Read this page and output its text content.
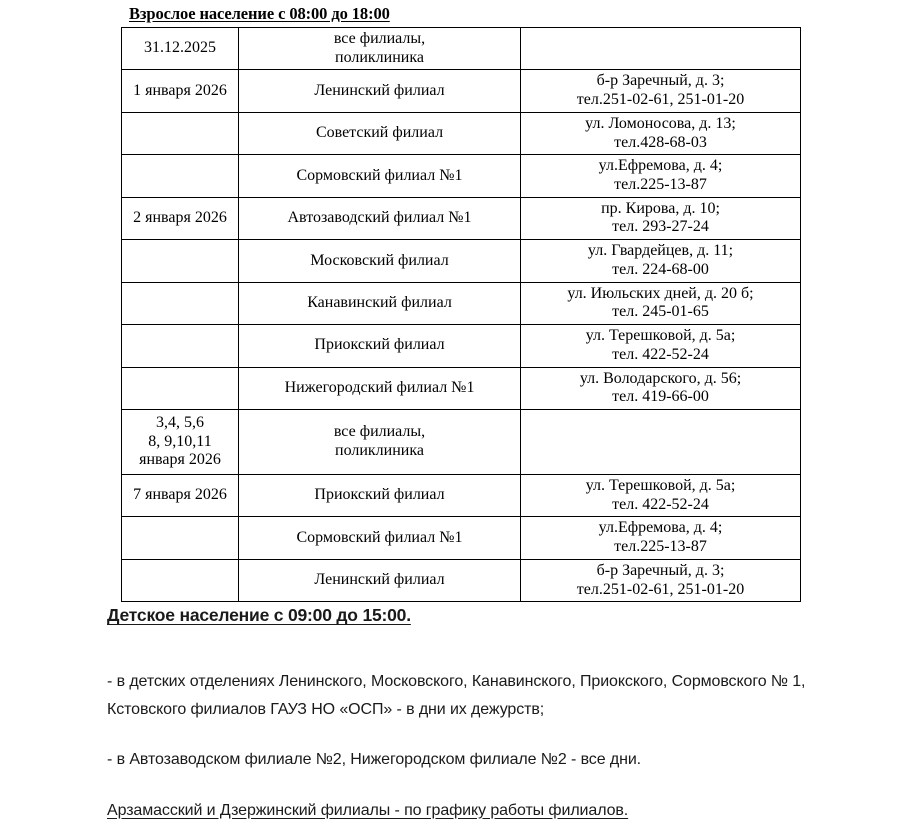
Взрослое население с 08:00 до 18:00
31.12.2025	все филиалы,
поликлиника	

1 января 2026	Ленинский филиал	б-р Заречный, д. 3;
тел.251-02-61, 251-01-20

	Советский филиал	ул. Ломоносова, д. 13;
тел.428-68-03

	Сормовский филиал №1	ул.Ефремова, д. 4;
тел.225-13-87

2 января 2026	Автозаводский филиал №1	пр. Кирова, д. 10;
тел. 293-27-24

	Московский филиал	ул. Гвардейцев, д. 11;
тел. 224-68-00

	Канавинский филиал	ул. Июльских дней, д. 20 б;
тел. 245-01-65

	Приокский филиал	ул. Терешковой, д. 5а;
тел. 422-52-24

	Нижегородский филиал №1	ул. Володарского, д. 56;
тел. 419-66-00

3,4, 5,6
8, 9,10,11
января 2026	все филиалы,
поликлиника	

7 января 2026	Приокский филиал	ул. Терешковой, д. 5а;
тел. 422-52-24

	Сормовский филиал №1	ул.Ефремова, д. 4;
тел.225-13-87

	Ленинский филиал	б-р Заречный, д. 3;
тел.251-02-61, 251-01-20

Детское население с 09:00 до 15:00.

- в детских отделениях Ленинского, Московского, Канавинского, Приокского, Сормовского № 1, Кстовского филиалов ГАУЗ НО «ОСП» - в дни их дежурств;

- в Автозаводском филиале №2, Нижегородском филиале №2 - все дни.

Арзамасский и Дзержинский филиалы - по графику работы филиалов.
